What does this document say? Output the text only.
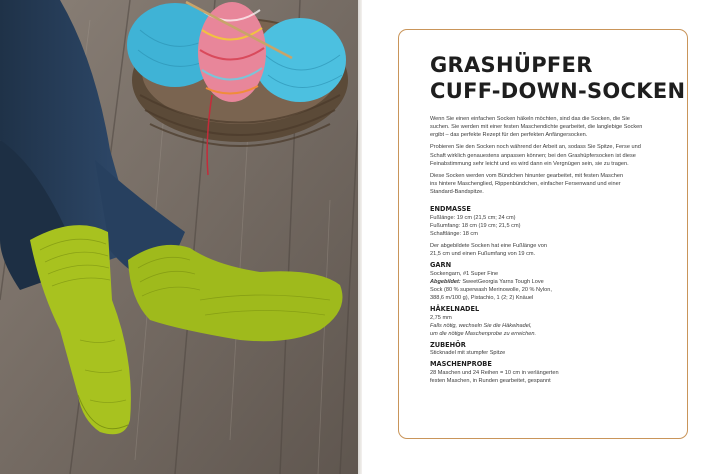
GRASHÜPFER
CUFF-DOWN-SOCKEN

Wenn Sie einen einfachen Socken häkeln möchten, sind das die Socken, die Sie
suchen. Sie werden mit einer festen Maschendichte gearbeitet, die langlebige Socken
ergibt – das perfekte Rezept für den perfekten Anfängersocken.

Probieren Sie den Socken noch während der Arbeit an, sodass Sie Spitze, Ferse und
Schaft wirklich genauestens anpassen können; bei den Grashüpfersocken ist diese
Feinabstimmung sehr leicht und es wird dann ein Vergnügen sein, sie zu tragen.

Diese Socken werden vom Bündchen hinunter gearbeitet, mit festen Maschen
ins hintere Maschenglied, Rippenbündchen, einfacher Fersenwand und einer
Standard-Bandspitze.

ENDMASSE
Fußlänge: 19 cm (21,5 cm; 24 cm)
Fußumfang: 18 cm (19 cm; 21,5 cm)
Schaftlänge: 18 cm
Der abgebildete Socken hat eine Fußlänge von
21,5 cm und einen Fußumfang von 19 cm.
GARN
Sockengarn, #1 Super Fine
Abgebildet: SweetGeorgia Yarns Tough Love
Sock (80 % superwash Merinowolle, 20 % Nylon,
388,6 m/100 g), Pistachio, 1 (2; 2) Knäuel
HÄKELNADEL
2,75 mm
Falls nötig, wechseln Sie die Häkelnadel,
um die nötige Maschenprobe zu erreichen.
ZUBEHÖR
Sticknadel mit stumpfer Spitze
MASCHENPROBE
28 Maschen und 24 Reihen = 10 cm in verlängerten
festen Maschen, in Runden gearbeitet, gespannt
